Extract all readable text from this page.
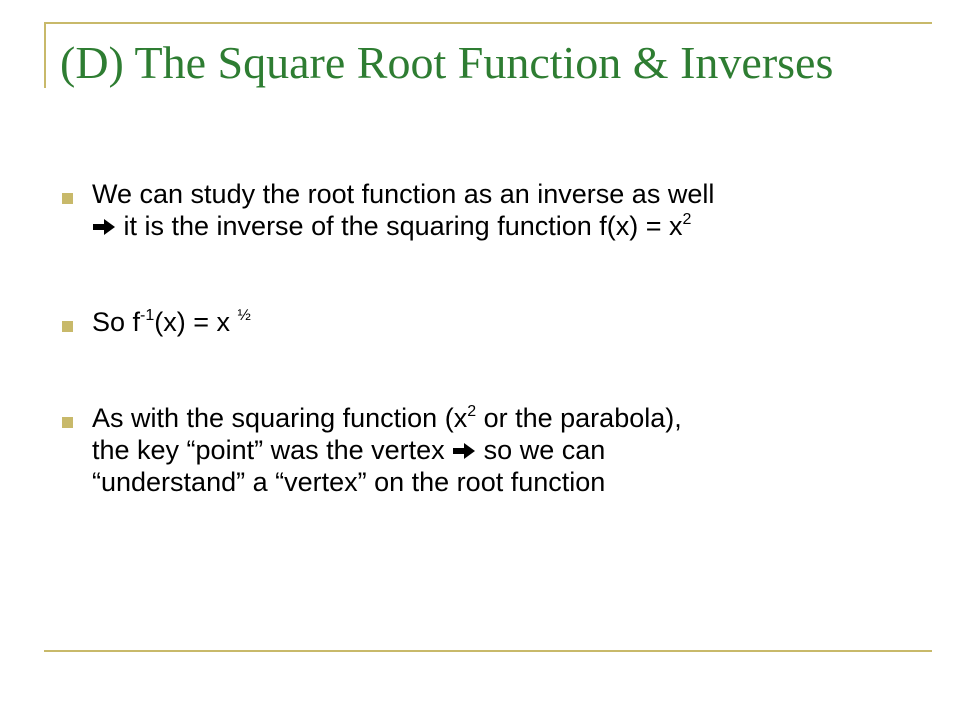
(D) The Square Root Function & Inverses
We can study the root function as an inverse as well
it is the inverse of the squaring function $f(x) = x^2$
So $f^{-1}(x) = x$ $^{\frac{1}{2}}$
As with the squaring function ($x^2$ or the parabola),
the key “point” was the vertex  so we can
“understand” a “vertex” on the root function
